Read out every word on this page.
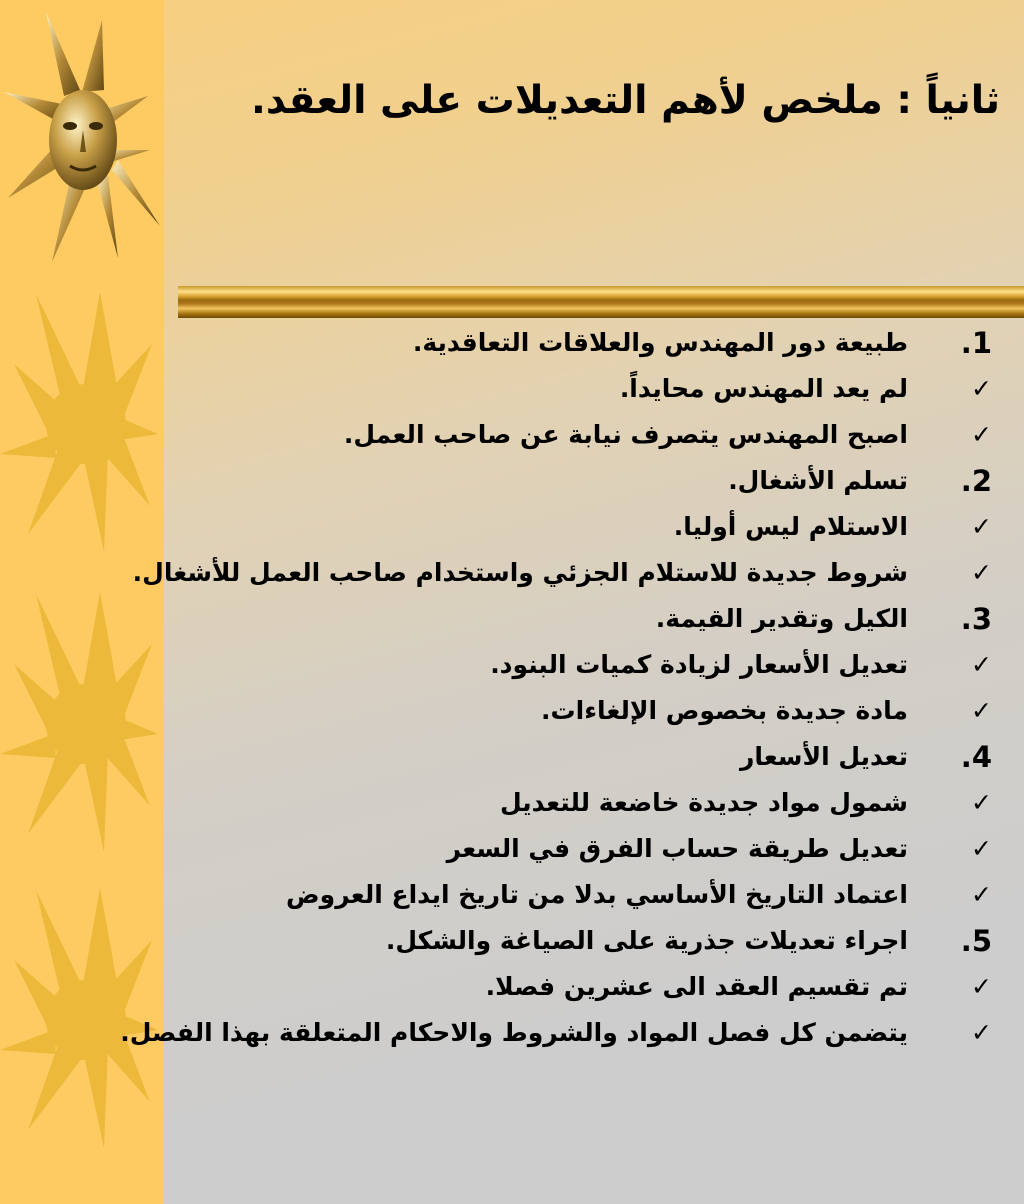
ثانياً : ملخص لأهم التعديلات على العقد.
1.
طبيعة دور المهندس والعلاقات التعاقدية.
✓
لم يعد المهندس محايداً.
✓
اصبح المهندس يتصرف نيابة عن صاحب العمل.
2.
تسلم الأشغال.
✓
الاستلام ليس أوليا.
✓
شروط جديدة للاستلام الجزئي واستخدام صاحب العمل للأشغال.
3.
الكيل وتقدير القيمة.
✓
تعديل الأسعار لزيادة كميات البنود.
✓
مادة جديدة بخصوص الإلغاءات.
4.
تعديل الأسعار
✓
شمول مواد جديدة خاضعة للتعديل
✓
تعديل طريقة حساب الفرق في السعر
✓
اعتماد التاريخ الأساسي بدلا من تاريخ ايداع العروض
5.
اجراء تعديلات جذرية على الصياغة والشكل.
✓
تم تقسيم العقد الى عشرين فصلا.
✓
يتضمن كل فصل المواد والشروط والاحكام المتعلقة بهذا الفصل.
